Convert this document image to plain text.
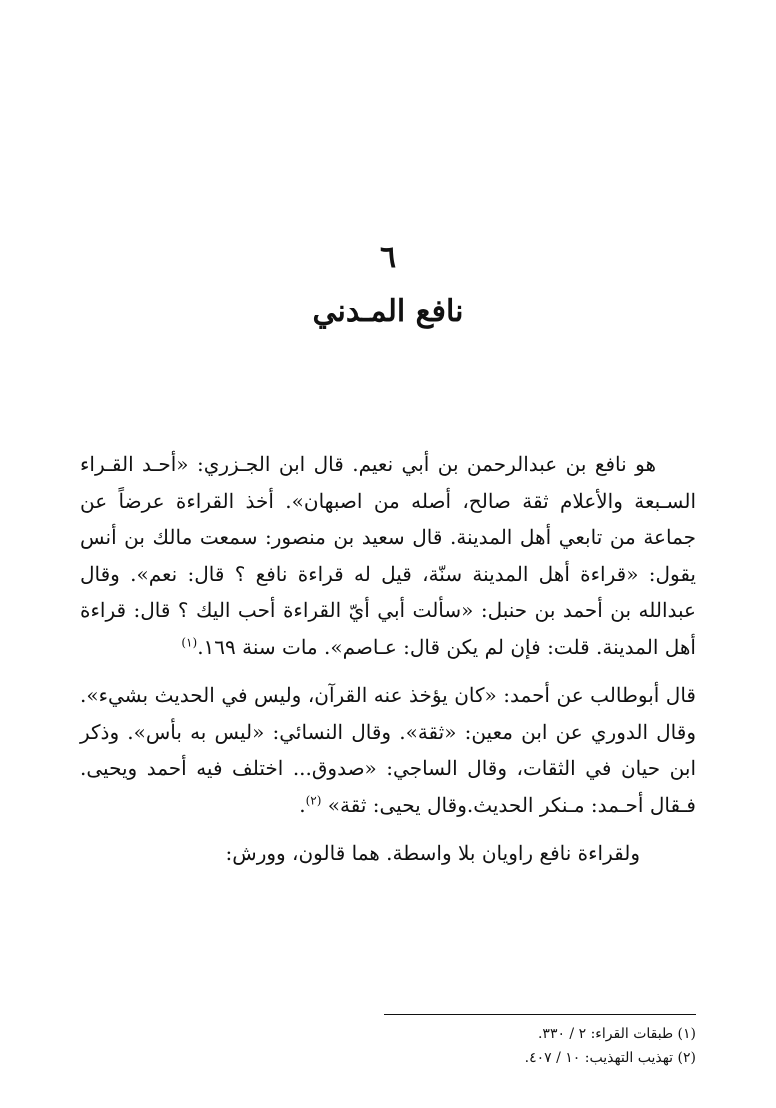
٦
نافع المـدني

هو نافع بن عبدالرحمن بن أبي نعيم. قال ابن الجـزري: «أحـد القـراء السـبعة والأعلام ثقة صالح، أصله من اصبهان». أخذ القراءة عرضاً عن جماعة من تابعي أهل المدينة. قال سعيد بن منصور: سمعت مالك بن أنس يقول: «قراءة أهل المدينة سنّة، قيل له قراءة نافع ؟ قال: نعم». وقال عبدالله بن أحمد بن حنبل: «سألت أبي أيّ القراءة أحب اليك ؟ قال: قراءة أهل المدينة. قلت: فإن لم يكن قال: عـاصم». مات سنة ١٦٩.$^{(١)}$

قال أبوطالب عن أحمد: «كان يؤخذ عنه القرآن، وليس في الحديث بشيء». وقال الدوري عن ابن معين: «ثقة». وقال النسائي: «ليس به بأس». وذكر ابن حيان في الثقات، وقال الساجي: «صدوق... اختلف فيه أحمد ويحيى. فـقال أحـمد: مـنكر الحديث.وقال يحيى: ثقة» $^{(٢)}$.

ولقراءة نافع راويان بلا واسطة. هما قالون، وورش:

(١) طبقات القراء: ٢ / ٣٣٠.

(٢) تهذيب التهذيب: ١٠ / ٤٠٧.
